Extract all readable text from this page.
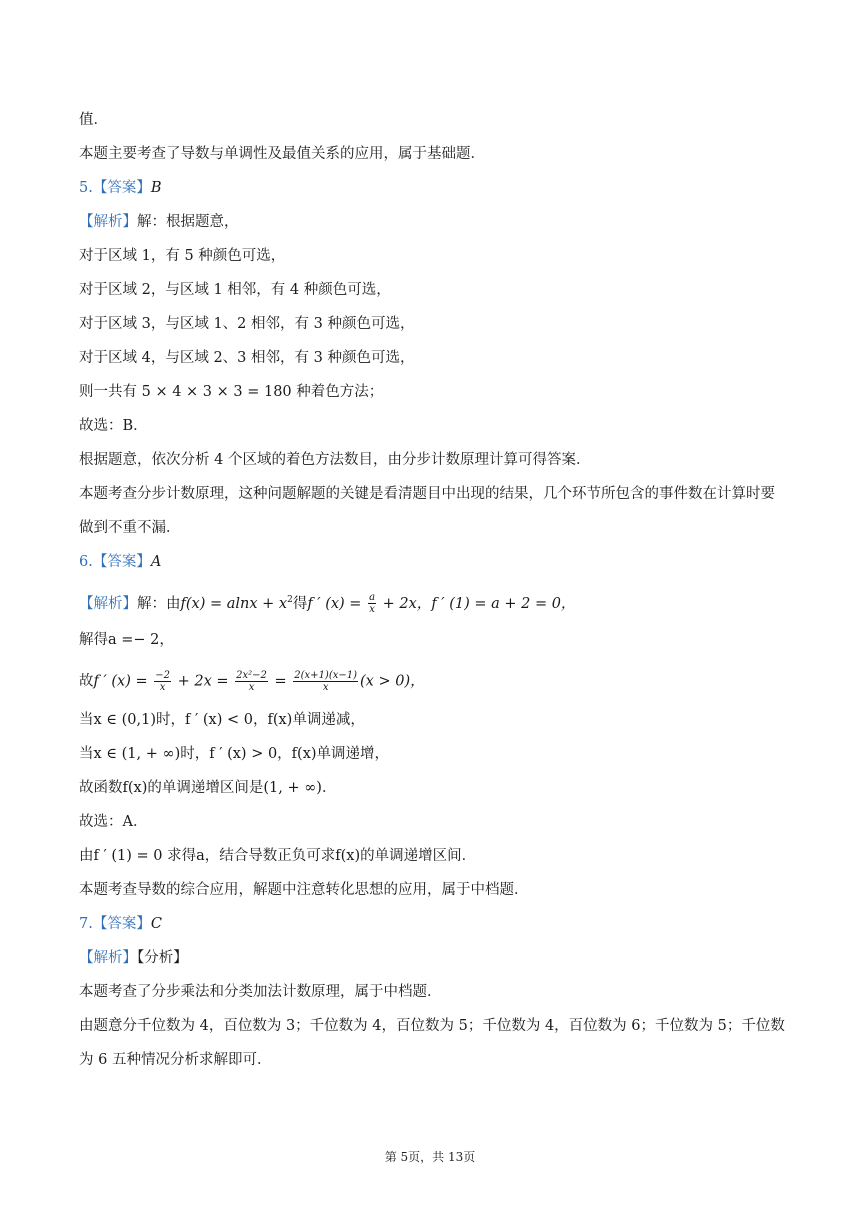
值．
本题主要考查了导数与单调性及最值关系的应用，属于基础题．
5.【答案】B
【解析】解：根据题意，
对于区域 1，有 5 种颜色可选，
对于区域 2，与区域 1 相邻，有 4 种颜色可选，
对于区域 3，与区域 1、2 相邻，有 3 种颜色可选，
对于区域 4，与区域 2、3 相邻，有 3 种颜色可选，
则一共有 5 × 4 × 3 × 3 = 180 种着色方法；
故选：B．
根据题意，依次分析 4 个区域的着色方法数目，由分步计数原理计算可得答案．
本题考查分步计数原理，这种问题解题的关键是看清题目中出现的结果，几个环节所包含的事件数在计算时要做到不重不漏．
6.【答案】A
【解析】解：由$f(x) = alnx + x^2$得f ′ $(x) = \frac{a}{x} + 2x$，f ′ (1) = a + 2 = 0，
解得a =− 2，
故f ′ $(x) = \frac{-2}{x} + 2x = \frac{\text{2x²−2}}{x} = \frac{2(x+1)(x-1)}{x} (x > 0)$，
当x ∈ (0,1)时，f ′ (x) < 0，f(x)单调递减，
当x ∈ (1, + ∞)时，f ′ (x) > 0，f(x)单调递增，
故函数f(x)的单调递增区间是(1, + ∞)．
故选：A．
由f ′ (1) = 0 求得a，结合导数正负可求f(x)的单调递增区间．
本题考查导数的综合应用，解题中注意转化思想的应用，属于中档题．
7.【答案】C
【解析】【分析】
本题考查了分步乘法和分类加法计数原理，属于中档题．
由题意分千位数为 4，百位数为 3；千位数为 4，百位数为 5；千位数为 4，百位数为 6；千位数为 5；千位数为 6 五种情况分析求解即可．
第 5页，共 13页
